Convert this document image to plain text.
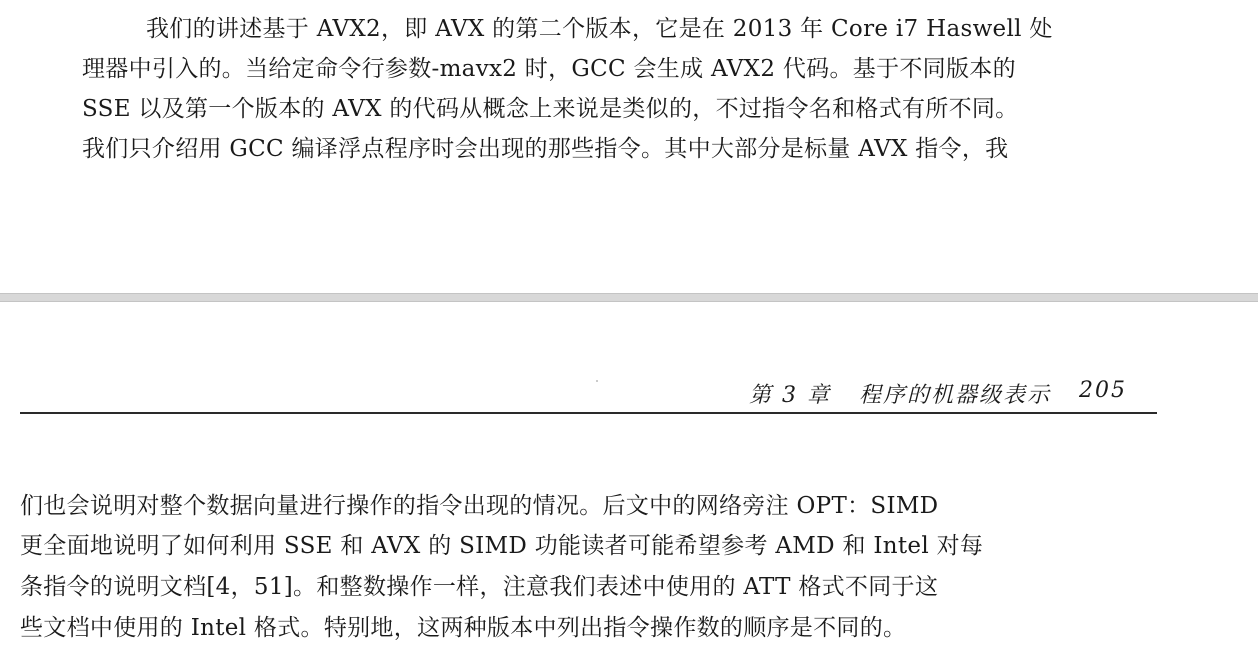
我们的讲述基于 AVX2，即 AVX 的第二个版本，它是在 2013 年 Core i7 Haswell 处
理器中引入的。当给定命令行参数-mavx2 时，GCC 会生成 AVX2 代码。基于不同版本的
SSE 以及第一个版本的 AVX 的代码从概念上来说是类似的，不过指令名和格式有所不同。
我们只介绍用 GCC 编译浮点程序时会出现的那些指令。其中大部分是标量 AVX 指令，我
第 3 章 程序的机器级表示 205
们也会说明对整个数据向量进行操作的指令出现的情况。后文中的网络旁注 OPT：SIMD
更全面地说明了如何利用 SSE 和 AVX 的 SIMD 功能读者可能希望参考 AMD 和 Intel 对每
条指令的说明文档[4，51]。和整数操作一样，注意我们表述中使用的 ATT 格式不同于这
些文档中使用的 Intel 格式。特别地，这两种版本中列出指令操作数的顺序是不同的。
